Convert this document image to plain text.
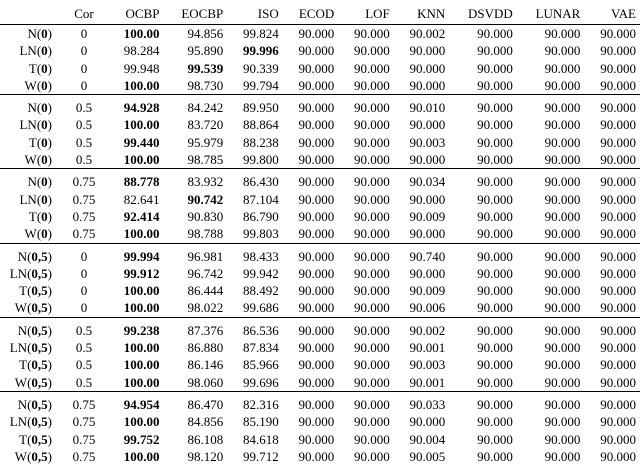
	Cor	OCBP	EOCBP	ISO	ECOD	LOF	KNN	DSVDD	LUNAR	VAE
N(0)	0	100.00	94.856	99.824	90.000	90.000	90.002	90.000	90.000	90.000
LN(0)	0	98.284	95.890	99.996	90.000	90.000	90.000	90.000	90.000	90.000
T(0)	0	99.948	99.539	90.339	90.000	90.000	90.000	90.000	90.000	90.000
W(0)	0	100.00	98.730	99.794	90.000	90.000	90.000	90.000	90.000	90.000
N(0)	0.5	94.928	84.242	89.950	90.000	90.000	90.010	90.000	90.000	90.000
LN(0)	0.5	100.00	83.720	88.864	90.000	90.000	90.000	90.000	90.000	90.000
T(0)	0.5	99.440	95.979	88.238	90.000	90.000	90.003	90.000	90.000	90.000
W(0)	0.5	100.00	98.785	99.800	90.000	90.000	90.000	90.000	90.000	90.000
N(0)	0.75	88.778	83.932	86.430	90.000	90.000	90.034	90.000	90.000	90.000
LN(0)	0.75	82.641	90.742	87.104	90.000	90.000	90.000	90.000	90.000	90.000
T(0)	0.75	92.414	90.830	86.790	90.000	90.000	90.009	90.000	90.000	90.000
W(0)	0.75	100.00	98.788	99.803	90.000	90.000	90.000	90.000	90.000	90.000
N(0,5)	0	99.994	96.981	98.433	90.000	90.000	90.740	90.000	90.000	90.000
LN(0,5)	0	99.912	96.742	99.942	90.000	90.000	90.000	90.000	90.000	90.000
T(0,5)	0	100.00	86.444	88.492	90.000	90.000	90.009	90.000	90.000	90.000
W(0,5)	0	100.00	98.022	99.686	90.000	90.000	90.006	90.000	90.000	90.000
N(0,5)	0.5	99.238	87.376	86.536	90.000	90.000	90.002	90.000	90.000	90.000
LN(0,5)	0.5	100.00	86.880	87.834	90.000	90.000	90.001	90.000	90.000	90.000
T(0,5)	0.5	100.00	86.146	85.966	90.000	90.000	90.003	90.000	90.000	90.000
W(0,5)	0.5	100.00	98.060	99.696	90.000	90.000	90.001	90.000	90.000	90.000
N(0,5)	0.75	94.954	86.470	82.316	90.000	90.000	90.033	90.000	90.000	90.000
LN(0,5)	0.75	100.00	84.856	85.190	90.000	90.000	90.000	90.000	90.000	90.000
T(0,5)	0.75	99.752	86.108	84.618	90.000	90.000	90.004	90.000	90.000	90.000
W(0,5)	0.75	100.00	98.120	99.712	90.000	90.000	90.005	90.000	90.000	90.000
